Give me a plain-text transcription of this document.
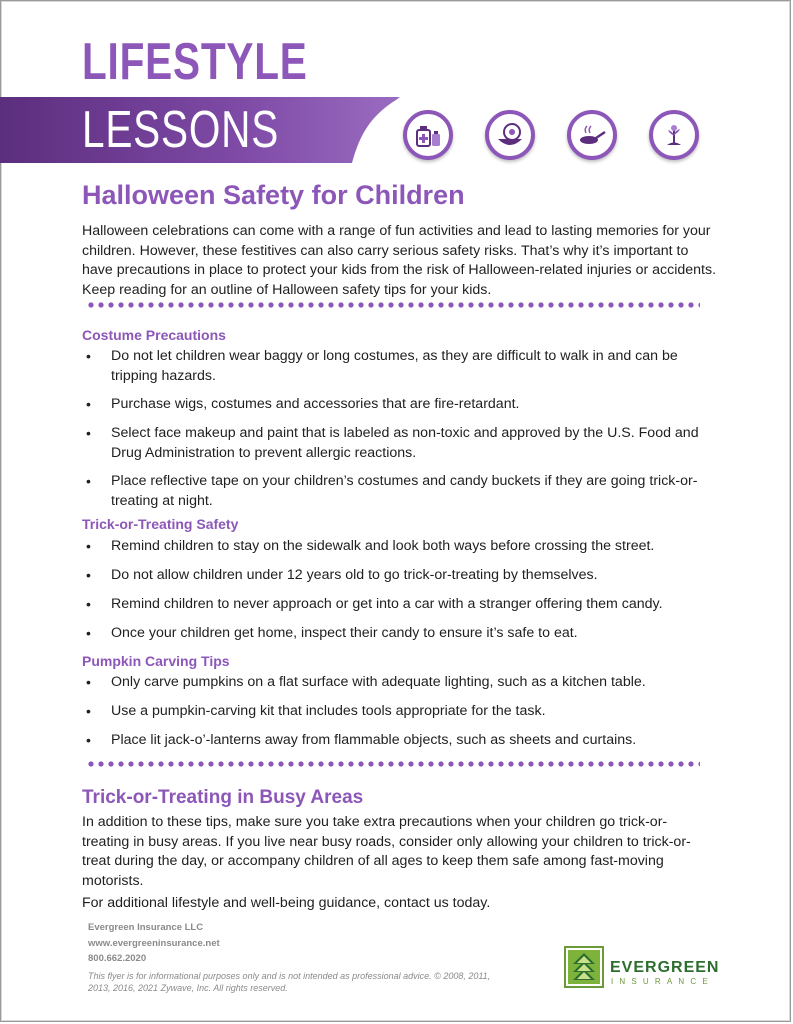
LIFESTYLE
LESSONS
Halloween Safety for Children

Halloween celebrations can come with a range of fun activities and lead to lasting memories for your children. However, these festitives can also carry serious safety risks. That’s why it’s important to have precautions in place to protect your kids from the risk of Halloween-related injuries or accidents. Keep reading for an outline of Halloween safety tips for your kids.

Costume Precautions
• Do not let children wear baggy or long costumes, as they are difficult to walk in and can be tripping hazards.
• Purchase wigs, costumes and accessories that are fire-retardant.
• Select face makeup and paint that is labeled as non-toxic and approved by the U.S. Food and Drug Administration to prevent allergic reactions.
• Place reflective tape on your children’s costumes and candy buckets if they are going trick-or-treating at night.
Trick-or-Treating Safety
• Remind children to stay on the sidewalk and look both ways before crossing the street.
• Do not allow children under 12 years old to go trick-or-treating by themselves.
• Remind children to never approach or get into a car with a stranger offering them candy.
• Once your children get home, inspect their candy to ensure it’s safe to eat.
Pumpkin Carving Tips
• Only carve pumpkins on a flat surface with adequate lighting, such as a kitchen table.
• Use a pumpkin-carving kit that includes tools appropriate for the task.
• Place lit jack-o’-lanterns away from flammable objects, such as sheets and curtains.
Trick-or-Treating in Busy Areas

In addition to these tips, make sure you take extra precautions when your children go trick-or-treating in busy areas. If you live near busy roads, consider only allowing your children to trick-or-treat during the day, or accompany children of all ages to keep them safe among fast-moving motorists.

For additional lifestyle and well-being guidance, contact us today.

Evergreen Insurance LLC
www.evergreeninsurance.net
800.662.2020

This flyer is for informational purposes only and is not intended as professional advice. © 2008, 2011, 2013, 2016, 2021 Zywave, Inc. All rights reserved.

EVERGREEN
INSURANCE
